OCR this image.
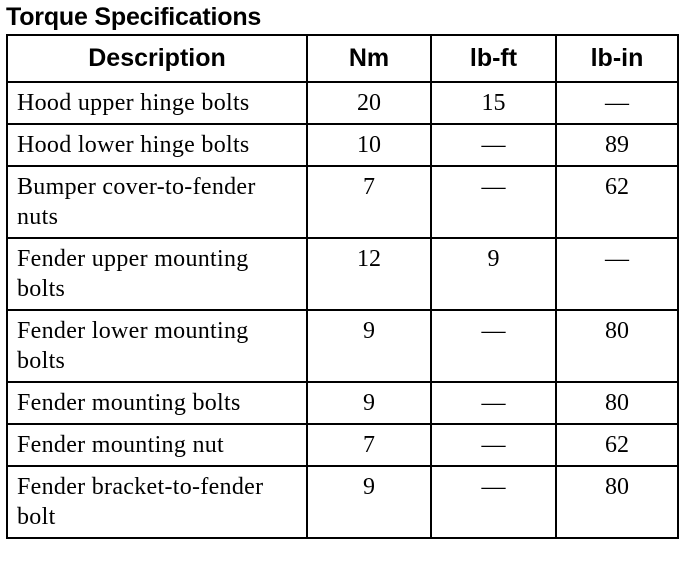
Torque Specifications
Description	Nm	lb-ft	lb-in
Hood upper hinge bolts	20	15	—
Hood lower hinge bolts	10	—	89
Bumper cover-to-fender nuts	7	—	62
Fender upper mounting bolts	12	9	—
Fender lower mounting bolts	9	—	80
Fender mounting bolts	9	—	80
Fender mounting nut	7	—	62
Fender bracket-to-fender bolt	9	—	80
